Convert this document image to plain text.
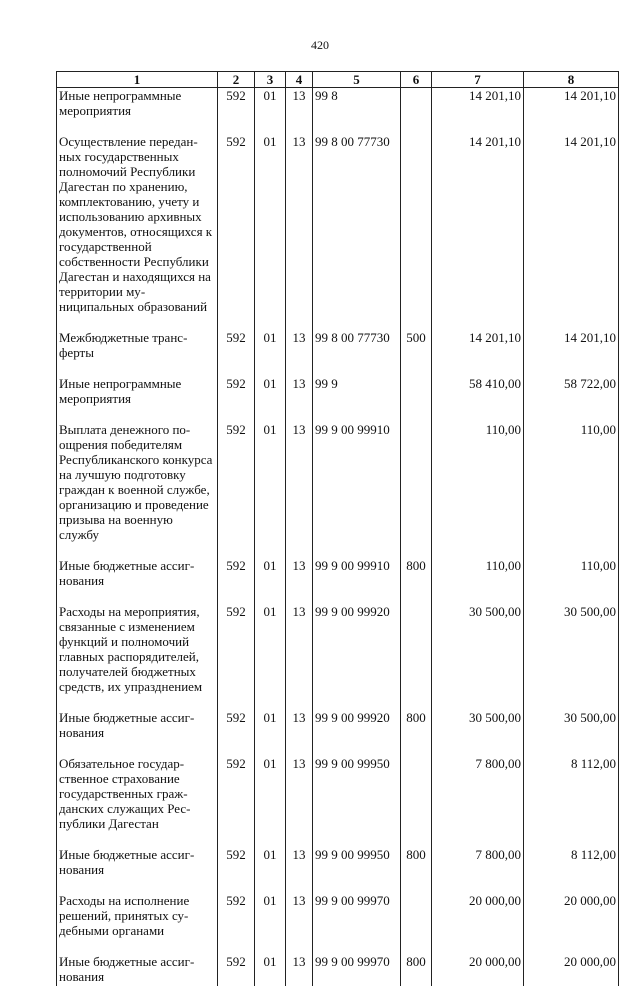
420
1	2	3	4	5	6	7	8
Иные непрограммные мероприятия	592	01	13	99 8		14 201,10	14 201,10
Осуществление переданных государственных полномочий Республики Дагестан по хранению, комплектованию, учету и использованию архивных документов, относящихся к государственной собственности Республики Дагестан и находящихся на территории муниципальных образований	592	01	13	99 8 00 77730		14 201,10	14 201,10
Межбюджетные трансферты	592	01	13	99 8 00 77730	500	14 201,10	14 201,10
Иные непрограммные мероприятия	592	01	13	99 9		58 410,00	58 722,00
Выплата денежного поощрения победителям Республиканского конкурса на лучшую подготовку граждан к военной службе, организацию и проведение призыва на военную службу	592	01	13	99 9 00 99910		110,00	110,00
Иные бюджетные ассигнования	592	01	13	99 9 00 99910	800	110,00	110,00
Расходы на мероприятия, связанные с изменением функций и полномочий главных распорядителей, получателей бюджетных средств, их упразднением	592	01	13	99 9 00 99920		30 500,00	30 500,00
Иные бюджетные ассигнования	592	01	13	99 9 00 99920	800	30 500,00	30 500,00
Обязательное государственное страхование государственных гражданских служащих Республики Дагестан	592	01	13	99 9 00 99950		7 800,00	8 112,00
Иные бюджетные ассигнования	592	01	13	99 9 00 99950	800	7 800,00	8 112,00
Расходы на исполнение решений, принятых судебными органами	592	01	13	99 9 00 99970		20 000,00	20 000,00
Иные бюджетные ассигнования	592	01	13	99 9 00 99970	800	20 000,00	20 000,00
